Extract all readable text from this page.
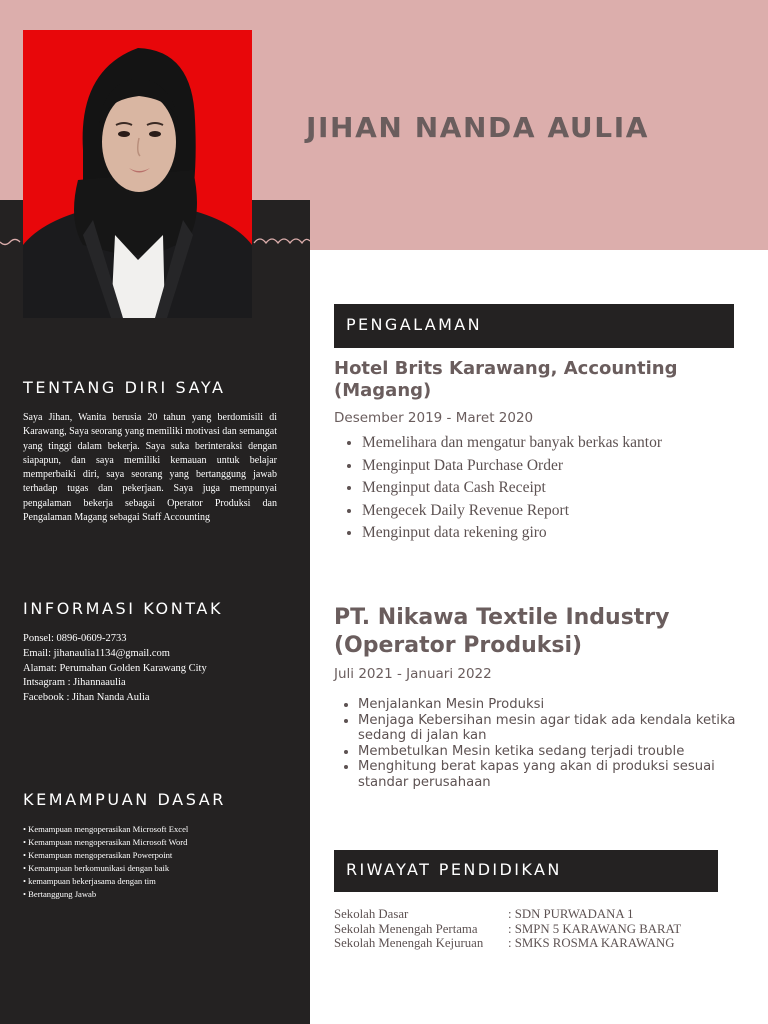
JIHAN NANDA AULIA
TENTANG DIRI SAYA
Saya Jihan, Wanita berusia 20 tahun yang berdomisili di Karawang, Saya seorang yang memiliki motivasi dan semangat yang tinggi dalam bekerja. Saya suka berinteraksi dengan siapapun, dan saya memiliki kemauan untuk belajar memperbaiki diri, saya seorang yang bertanggung jawab terhadap tugas dan pekerjaan. Saya juga mempunyai pengalaman bekerja sebagai Operator Produksi dan Pengalaman Magang sebagai Staff Accounting
INFORMASI KONTAK
Ponsel: 0896-0609-2733
Email: jihanaulia1134@gmail.com
Alamat: Perumahan Golden Karawang City
Intsagram : Jihannaaulia
Facebook : Jihan Nanda Aulia
KEMAMPUAN DASAR
• Kemampuan mengoperasikan Microsoft Excel
• Kemampuan mengoperasikan Microsoft Word
• Kemampuan mengoperasikan Powerpoint
• Kemampuan berkomunikasi dengan baik
• kemampuan bekerjasama dengan tim
• Bertanggung Jawab
PENGALAMAN
Hotel Brits Karawang, Accounting (Magang)
Desember 2019 - Maret 2020
• Memelihara dan mengatur banyak berkas kantor
• Menginput Data Purchase Order
• Menginput data Cash Receipt
• Mengecek Daily Revenue Report
• Menginput data rekening giro
PT. Nikawa Textile Industry (Operator Produksi)
Juli 2021 - Januari 2022
• Menjalankan Mesin Produksi
• Menjaga Kebersihan mesin agar tidak ada kendala ketika sedang di jalan kan
• Membetulkan Mesin ketika sedang terjadi trouble
• Menghitung berat kapas yang akan di produksi sesuai standar perusahaan
RIWAYAT PENDIDIKAN
Sekolah Dasar	: SDN PURWADANA 1
Sekolah Menengah Pertama	: SMPN 5 KARAWANG BARAT
Sekolah Menengah Kejuruan	: SMKS ROSMA KARAWANG
